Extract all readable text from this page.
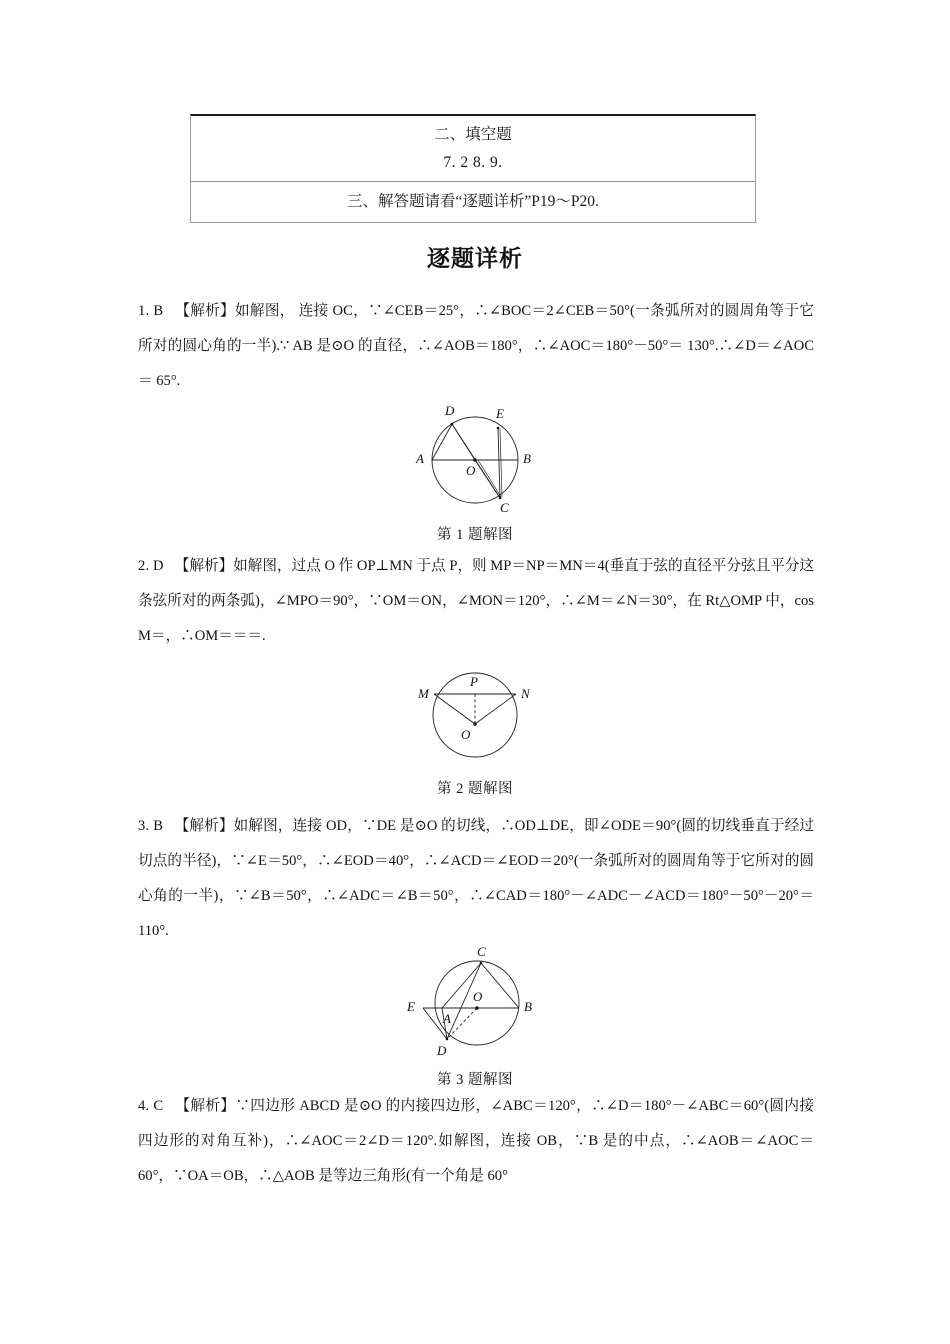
二、填空题
7. 2 8. 9.
三、解答题请看“逐题详析”P19～P20.
逐题详析
1. B 【解析】如解图， 连接 OC，∵∠CEB＝25°，∴∠BOC＝2∠CEB＝50°(一条弧所对的圆周角等于它所对的圆心角的一半).∵ AB 是⊙O 的直径，∴∠AOB＝180°，∴∠AOC＝180°－50°＝ 130°.∴∠D＝∠AOC＝ 65°.
D	E
A	B
C
O
第 1 题解图
2. D 【解析】如解图，过点 O 作 OP⊥MN 于点 P，则 MP＝NP＝MN＝4(垂直于弦的直径平分弦且平分这条弦所对的两条弧)，∠MPO＝90°，∵OM＝ON，∠MON＝120°，∴∠M＝∠N＝30°，在 Rt△OMP 中，cos M＝，∴OM＝＝＝.
M	N
P
O
第 2 题解图
3. B 【解析】如解图，连接 OD，∵DE 是⊙O 的切线，∴OD⊥DE，即∠ODE＝90°(圆的切线垂直于经过切点的半径)，∵∠E＝50°，∴∠EOD＝40°，∴∠ACD＝∠EOD＝20°(一条弧所对的圆周角等于它所对的圆心角的一半)，∵∠B＝50°，∴∠ADC＝∠B＝50°，∴∠CAD＝180°－∠ADC－∠ACD＝180°－50°－20°＝110°.
C
E	B
A
D
O
第 3 题解图
4. C 【解析】∵四边形 ABCD 是⊙O 的内接四边形，∠ABC＝120°，∴∠D＝180°－∠ABC＝60°(圆内接四边形的对角互补)，∴∠AOC＝2∠D＝120°.如解图，连接 OB，∵B 是的中点，∴∠AOB＝∠AOC＝60°，∵OA＝OB，∴△AOB 是等边三角形(有一个角是 60°
